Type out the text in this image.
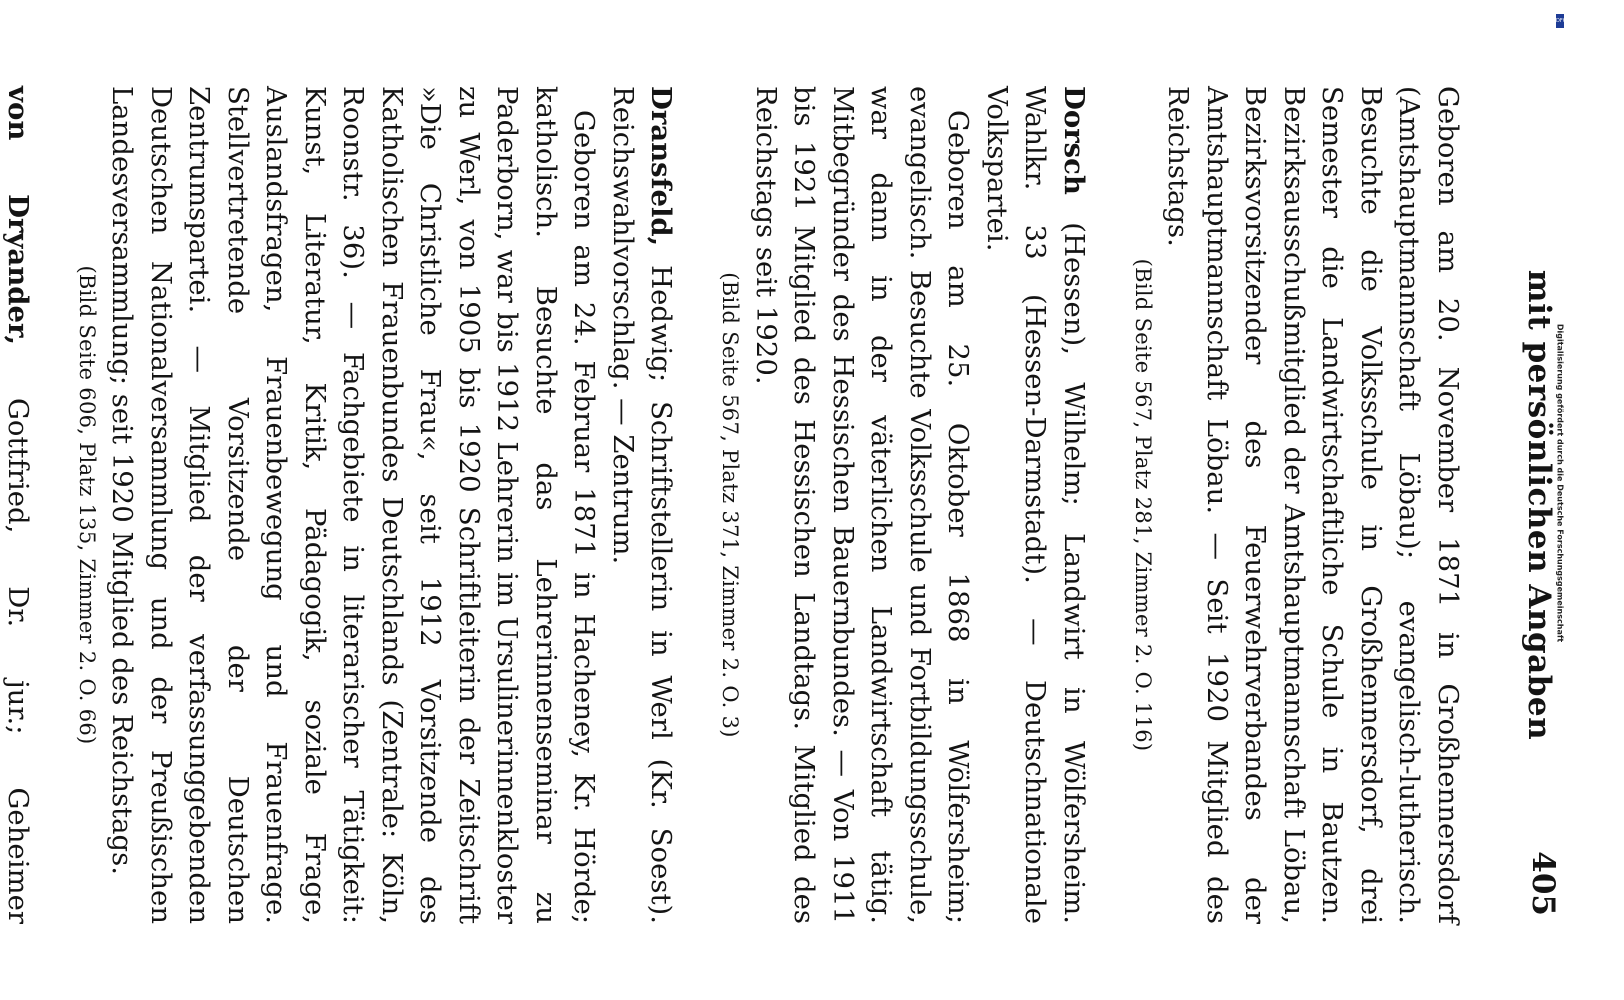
mit persönlichen Angaben
405

Geboren am 20. November 1871 in Großhennersdorf (Amtshauptmannschaft Löbau); evangelisch-lutherisch. Besuchte die Volksschule in Großhennersdorf, drei Semester die Landwirtschaftliche Schule in Bautzen. Bezirksausschußmitglied der Amtshauptmannschaft Löbau, Bezirksvorsitzender des Feuerwehrverbandes der Amtshauptmannschaft Löbau. — Seit 1920 Mitglied des Reichstags.

(Bild Seite 567, Platz 281, Zimmer 2. O. 116)

Dorsch (Hessen), Wilhelm; Landwirt in Wölfersheim. Wahlkr. 33 (Hessen-Darmstadt). — Deutschnationale Volkspartei.

Geboren am 25. Oktober 1868 in Wölfersheim; evangelisch. Besuchte Volksschule und Fortbildungsschule, war dann in der väterlichen Landwirtschaft tätig. Mitbegründer des Hessischen Bauernbundes. — Von 1911 bis 1921 Mitglied des Hessischen Landtags. Mitglied des Reichstags seit 1920.

(Bild Seite 567, Platz 371, Zimmer 2. O. 3)

Dransfeld, Hedwig; Schriftstellerin in Werl (Kr. Soest). Reichswahlvorschlag. — Zentrum.

Geboren am 24. Februar 1871 in Hacheney, Kr. Hörde; katholisch. Besuchte das Lehrerinnenseminar zu Paderborn, war bis 1912 Lehrerin im Ursulinerinnenkloster zu Werl, von 1905 bis 1920 Schriftleiterin der Zeitschrift »Die Christliche Frau«, seit 1912 Vorsitzende des Katholischen Frauenbundes Deutschlands (Zentrale: Köln, Roonstr. 36). — Fachgebiete in literarischer Tätigkeit: Kunst, Literatur, Kritik, Pädagogik, soziale Frage, Auslandsfragen, Frauenbewegung und Frauenfrage. Stellvertretende Vorsitzende der Deutschen Zentrumspartei. — Mitglied der verfassunggebenden Deutschen Nationalversammlung und der Preußischen Landesversammlung; seit 1920 Mitglied des Reichstags.

(Bild Seite 606, Platz 135, Zimmer 2. O. 66)

von Dryander, Gottfried, Dr. jur.; Geheimer

DFG
Digitalisierung gefördert durch die Deutsche Forschungsgemeinschaft
